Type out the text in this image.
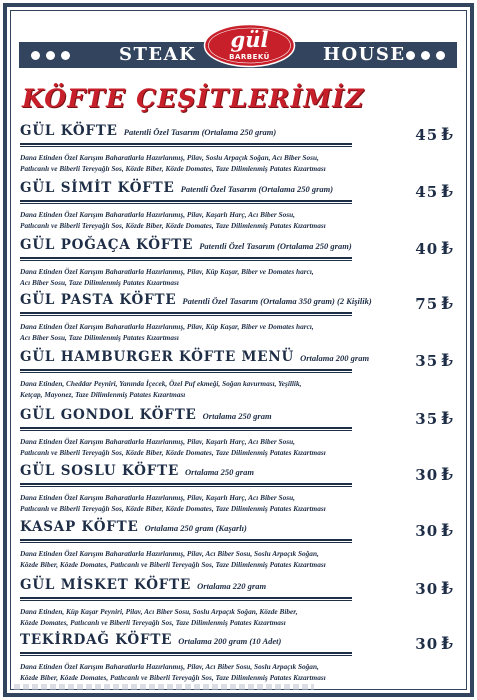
STEAK	HOUSE
gül
BARBEKÜ
KÖFTE ÇEŞİTLERİMİZ
GÜL KÖFTE Patentli Özel Tasarım (Ortalama 250 gram)
Dana Etinden Özel Karışım Baharatlarla Hazırlanmış, Pilav, Soslu Arpaçık Soğan, Acı Biber Sosu,
Patlıcanlı ve Biberli Tereyağlı Sos, Közde Biber, Közde Domates, Taze Dilimlenmiş Patates Kızartması
45 ₺
GÜL SİMİT KÖFTE Patentli Özel Tasarım (Ortalama 250 gram)
Dana Etinden Özel Karışım Baharatlarla Hazırlanmış, Pilav, Kaşarlı Harç, Acı Biber Sosu,
Patlıcanlı ve Biberli Tereyağlı Sos, Közde Biber, Közde Domates, Taze Dilimlenmiş Patates Kızartması
45 ₺
GÜL POĞAÇA KÖFTE Patentli Özel Tasarım (Ortalama 250 gram)
Dana Etinden Özel Karışım Baharatlarla Hazırlanmış, Pilav, Küp Kaşar, Biber ve Domates harcı,
Acı Biber Sosu, Taze Dilimlenmiş Patates Kızartması
40 ₺
GÜL PASTA KÖFTE Patentli Özel Tasarım (Ortalama 350 gram) (2 Kişilik)
Dana Etinden Özel Karışım Baharatlarla Hazırlanmış, Pilav, Küp Kaşar, Biber ve Domates harcı,
Acı Biber Sosu, Taze Dilimlenmiş Patates Kızartması
75 ₺
GÜL HAMBURGER KÖFTE MENÜ Ortalama 200 gram
Dana Etinden, Cheddar Peyniri, Yanında İçecek, Özel Puf ekmeği, Soğan kavurması, Yeşillik,
Ketçap, Mayonez, Taze Dilimlenmiş Patates Kızartması
35 ₺
GÜL GONDOL KÖFTE Ortalama 250 gram
Dana Etinden Özel Karışım Baharatlarla Hazırlanmış, Pilav, Kaşarlı Harç, Acı Biber Sosu,
Patlıcanlı ve Biberli Tereyağlı Sos, Közde Biber, Közde Domates, Taze Dilimlenmiş Patates Kızartması
35 ₺
GÜL SOSLU KÖFTE Ortalama 250 gram
Dana Etinden Özel Karışım Baharatlarla Hazırlanmış, Pilav, Kaşarlı Harç, Acı Biber Sosu,
Patlıcanlı ve Biberli Tereyağlı Sos, Közde Biber, Közde Domates, Taze Dilimlenmiş Patates Kızartması
30 ₺
KASAP KÖFTE Ortalama 250 gram (Kaşarlı)
Dana Etinden Özel Karışım Baharatlarla Hazırlanmış, Pilav, Acı Biber Sosu, Soslu Arpaçık Soğan,
Közde Biber, Közde Domates, Patlıcanlı ve Biberli Tereyağlı Sos, Taze Dilimlenmiş Patates Kızartması
30 ₺
GÜL MİSKET KÖFTE Ortalama 220 gram
Dana Etinden, Küp Kaşar Peyniri, Pilav, Acı Biber Sosu, Soslu Arpaçık Soğan, Közde Biber,
Közde Domates, Patlıcanlı ve Biberli Tereyağlı Sos, Taze Dilimlenmiş Patates Kızartması
30 ₺
TEKİRDAĞ KÖFTE Ortalama 200 gram (10 Adet)
Dana Etinden Özel Karışım Baharatlarla Hazırlanmış, Pilav, Acı Biber Sosu, Soslu Arpaçık Soğan,
Közde Biber, Közde Domates, Patlıcanlı ve Biberli Tereyağlı Sos, Taze Dilimlenmiş Patates Kızartması
30 ₺
